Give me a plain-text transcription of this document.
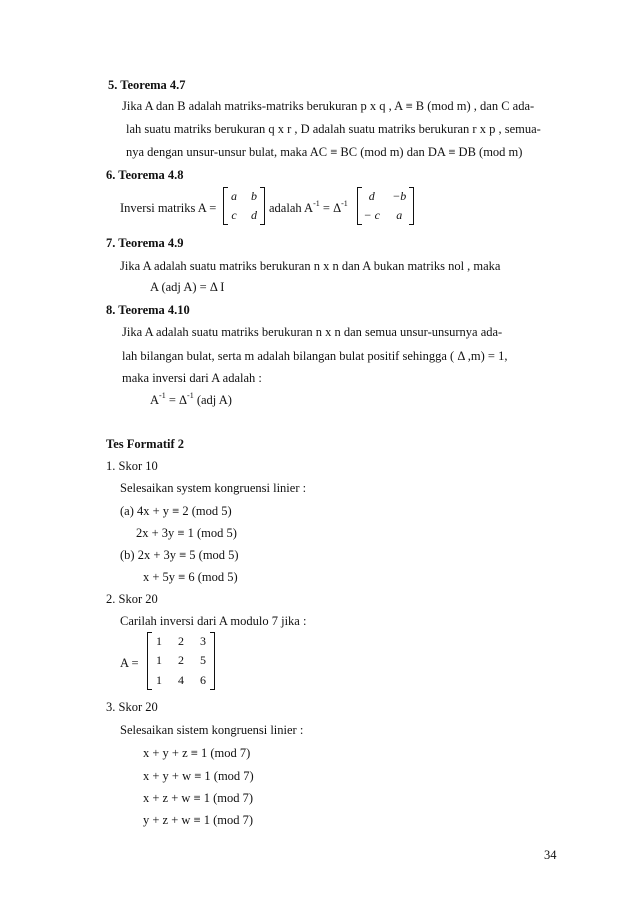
5. Teorema 4.7
Jika A dan B adalah matriks-matriks berukuran p x q , A ≡ B (mod m) , dan C ada-
lah suatu matriks berukuran q x r , D adalah suatu matriks berukuran r x p , semua-
nya dengan unsur-unsur bulat, maka AC ≡ BC (mod m) dan DA ≡ DB (mod m)
6. Teorema 4.8
Inversi matriks A =
a b
c d adalah $A^{-1} = \Delta^{-1}$
d −b
− c a
7. Teorema 4.9
Jika A adalah suatu matriks berukuran n x n dan A bukan matriks nol , maka
A (adj A) = Δ I
8. Teorema 4.10
Jika A adalah suatu matriks berukuran n x n dan semua unsur-unsurnya ada-
lah bilangan bulat, serta m adalah bilangan bulat positif sehingga ( Δ ,m) = 1,
maka inversi dari A adalah :
$A^{-1} = \Delta^{-1}$ (adj A)
Tes Formatif 2
1. Skor 10
Selesaikan system kongruensi linier :
(a) 4x + y ≡ 2 (mod 5)
2x + 3y ≡ 1 (mod 5)
(b) 2x + 3y ≡ 5 (mod 5)
x + 5y ≡ 6 (mod 5)
2. Skor 20
Carilah inversi dari A modulo 7 jika :
A =
1 2 3
1 2 5
1 4 6
3. Skor 20
Selesaikan sistem kongruensi linier :
x + y + z ≡ 1 (mod 7)
x + y + w ≡ 1 (mod 7)
x + z + w ≡ 1 (mod 7)
y + z + w ≡ 1 (mod 7)
34
